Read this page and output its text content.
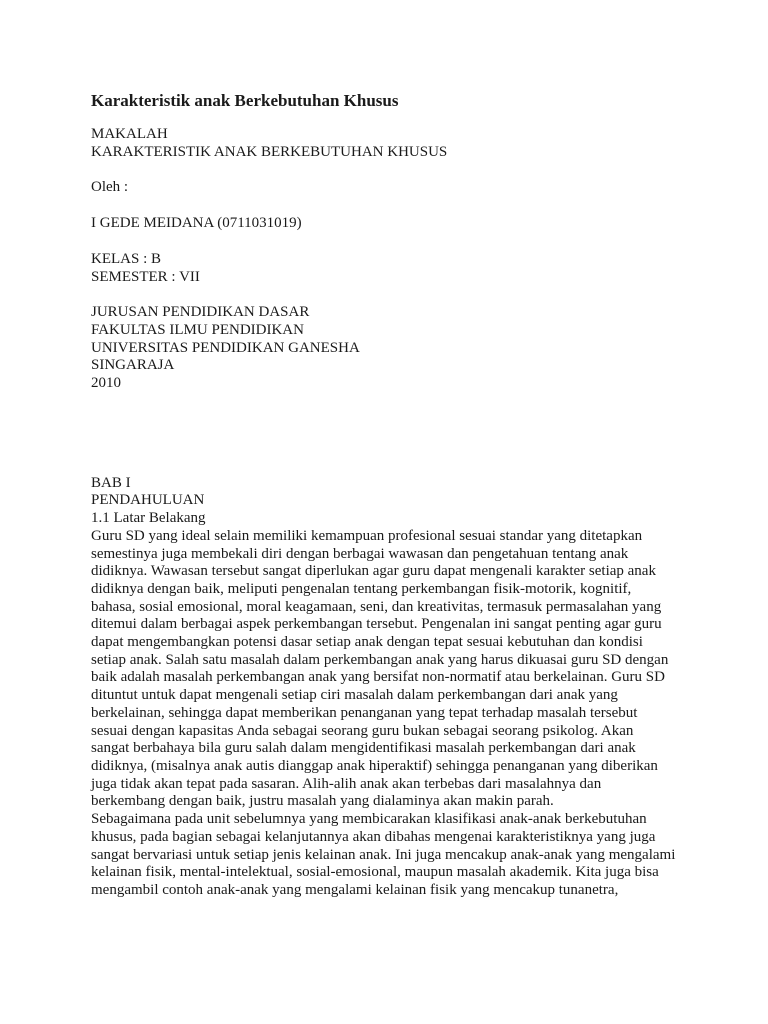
Karakteristik anak Berkebutuhan Khusus
MAKALAH
KARAKTERISTIK ANAK BERKEBUTUHAN KHUSUS
Oleh :
I GEDE MEIDANA (0711031019)
KELAS : B
SEMESTER : VII
JURUSAN PENDIDIKAN DASAR
FAKULTAS ILMU PENDIDIKAN
UNIVERSITAS PENDIDIKAN GANESHA
SINGARAJA
2010
BAB I
PENDAHULUAN
1.1 Latar Belakang
Guru SD yang ideal selain memiliki kemampuan profesional sesuai standar yang ditetapkan
semestinya juga membekali diri dengan berbagai wawasan dan pengetahuan tentang anak
didiknya. Wawasan tersebut sangat diperlukan agar guru dapat mengenali karakter setiap anak
didiknya dengan baik, meliputi pengenalan tentang perkembangan fisik-motorik, kognitif,
bahasa, sosial emosional, moral keagamaan, seni, dan kreativitas, termasuk permasalahan yang
ditemui dalam berbagai aspek perkembangan tersebut. Pengenalan ini sangat penting agar guru
dapat mengembangkan potensi dasar setiap anak dengan tepat sesuai kebutuhan dan kondisi
setiap anak. Salah satu masalah dalam perkembangan anak yang harus dikuasai guru SD dengan
baik adalah masalah perkembangan anak yang bersifat non-normatif atau berkelainan. Guru SD
dituntut untuk dapat mengenali setiap ciri masalah dalam perkembangan dari anak yang
berkelainan, sehingga dapat memberikan penanganan yang tepat terhadap masalah tersebut
sesuai dengan kapasitas Anda sebagai seorang guru bukan sebagai seorang psikolog. Akan
sangat berbahaya bila guru salah dalam mengidentifikasi masalah perkembangan dari anak
didiknya, (misalnya anak autis dianggap anak hiperaktif) sehingga penanganan yang diberikan
juga tidak akan tepat pada sasaran. Alih-alih anak akan terbebas dari masalahnya dan
berkembang dengan baik, justru masalah yang dialaminya akan makin parah.
Sebagaimana pada unit sebelumnya yang membicarakan klasifikasi anak-anak berkebutuhan
khusus, pada bagian sebagai kelanjutannya akan dibahas mengenai karakteristiknya yang juga
sangat bervariasi untuk setiap jenis kelainan anak. Ini juga mencakup anak-anak yang mengalami
kelainan fisik, mental-intelektual, sosial-emosional, maupun masalah akademik. Kita juga bisa
mengambil contoh anak-anak yang mengalami kelainan fisik yang mencakup tunanetra,
